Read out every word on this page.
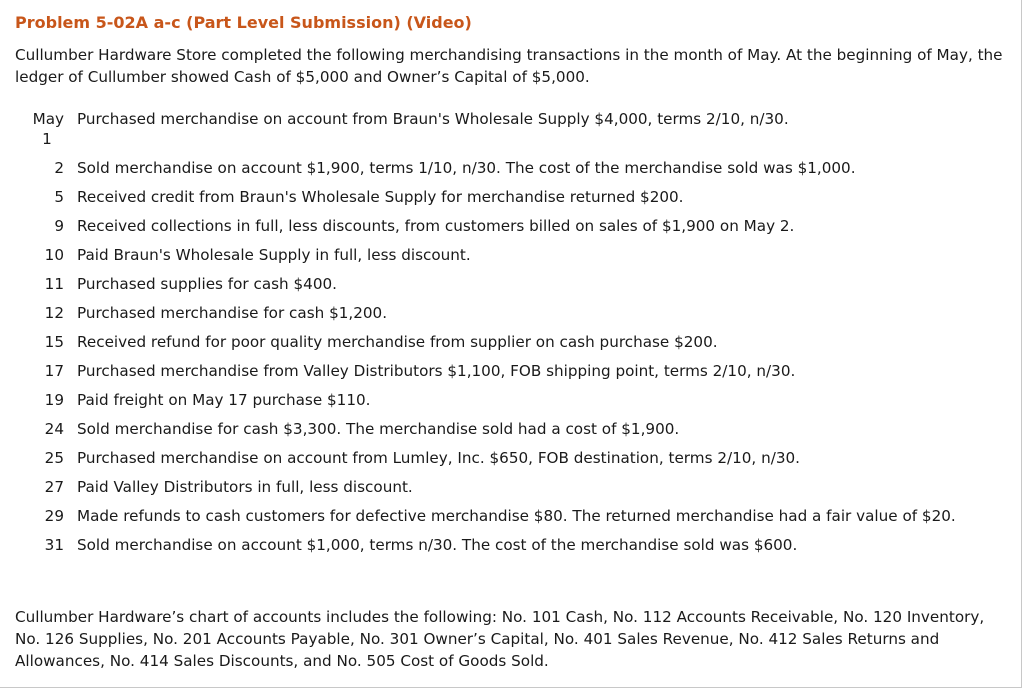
Problem 5-02A a-c (Part Level Submission) (Video)
Cullumber Hardware Store completed the following merchandising transactions in the month of May. At the beginning of May, the ledger of Cullumber showed Cash of $5,000 and Owner’s Capital of $5,000.
May
1	Purchased merchandise on account from Braun's Wholesale Supply $4,000, terms 2/10, n/30.
2	Sold merchandise on account $1,900, terms 1/10, n/30. The cost of the merchandise sold was $1,000.
5	Received credit from Braun's Wholesale Supply for merchandise returned $200.
9	Received collections in full, less discounts, from customers billed on sales of $1,900 on May 2.
10	Paid Braun's Wholesale Supply in full, less discount.
11	Purchased supplies for cash $400.
12	Purchased merchandise for cash $1,200.
15	Received refund for poor quality merchandise from supplier on cash purchase $200.
17	Purchased merchandise from Valley Distributors $1,100, FOB shipping point, terms 2/10, n/30.
19	Paid freight on May 17 purchase $110.
24	Sold merchandise for cash $3,300. The merchandise sold had a cost of $1,900.
25	Purchased merchandise on account from Lumley, Inc. $650, FOB destination, terms 2/10, n/30.
27	Paid Valley Distributors in full, less discount.
29	Made refunds to cash customers for defective merchandise $80. The returned merchandise had a fair value of $20.
31	Sold merchandise on account $1,000, terms n/30. The cost of the merchandise sold was $600.
Cullumber Hardware’s chart of accounts includes the following: No. 101 Cash, No. 112 Accounts Receivable, No. 120 Inventory, No. 126 Supplies, No. 201 Accounts Payable, No. 301 Owner’s Capital, No. 401 Sales Revenue, No. 412 Sales Returns and Allowances, No. 414 Sales Discounts, and No. 505 Cost of Goods Sold.
